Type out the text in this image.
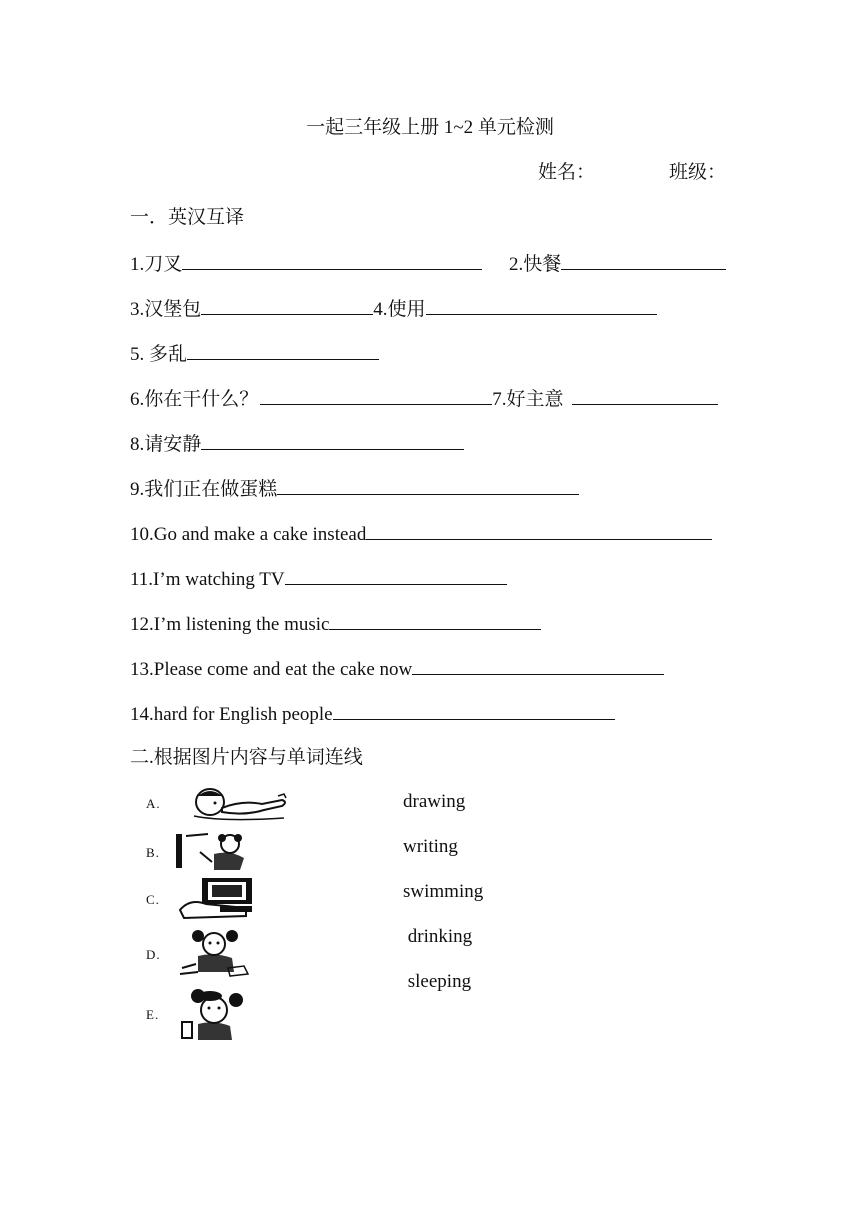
一起三年级上册 1~2 单元检测
姓名：	班级：
一．英汉互译
1.刀叉	2.快餐
3.汉堡包	4.使用
5. 多乱
6.你在干什么？	7.好主意
8.请安静
9.我们正在做蛋糕
10.Go and make a cake instead
11.I’m watching TV
12.I’m listening the music
13.Please come and eat the cake now
14.hard for English people
二.根据图片内容与单词连线
A.
B.
C.
D.
E.
drawing
writing
swimming
drinking
sleeping
